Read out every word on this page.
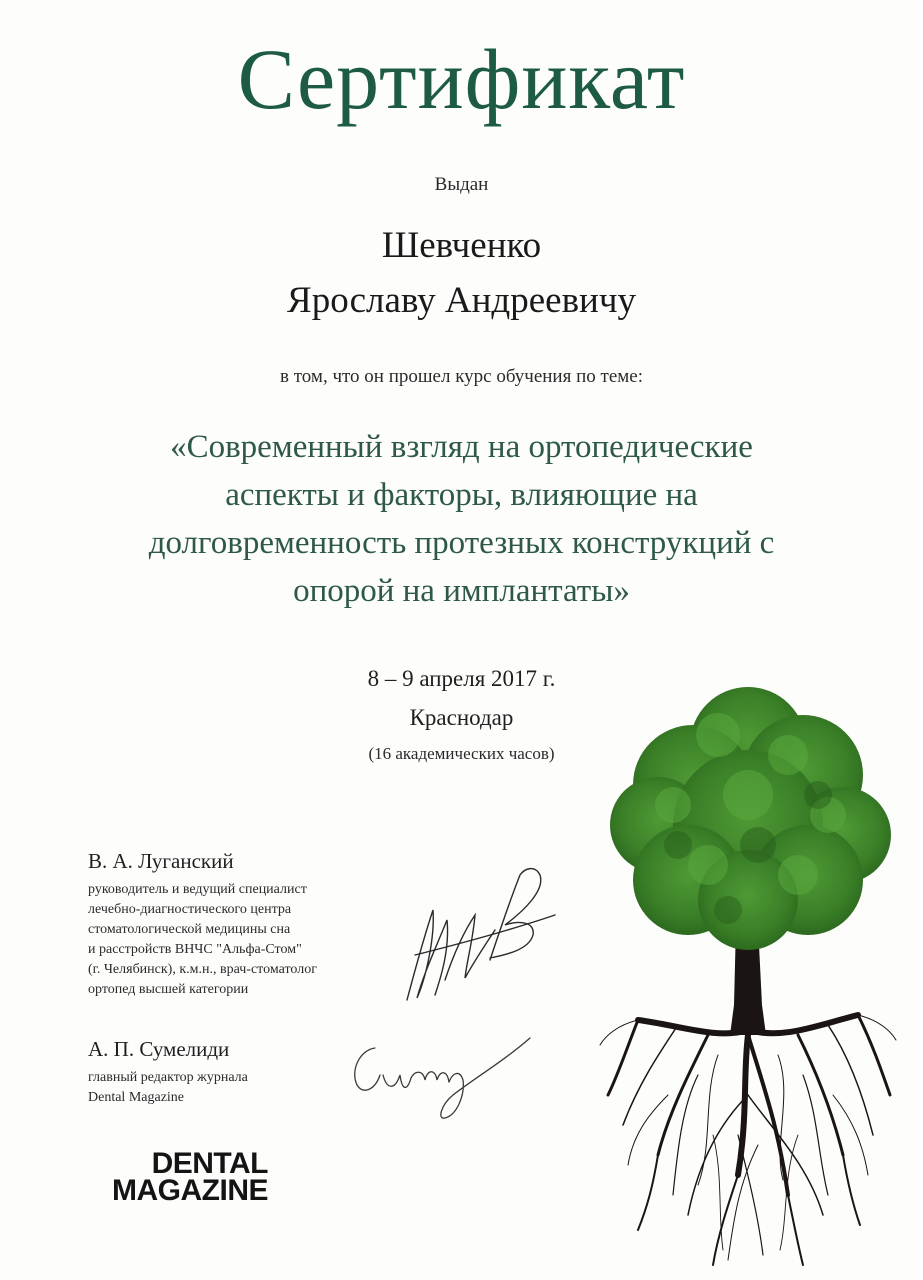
Сертификат
Выдан
Шевченко
Ярославу Андреевичу
в том, что он прошел курс обучения по теме:
«Современный взгляд на ортопедические
аспекты и факторы, влияющие на
долговременность протезных конструкций с
опорой на имплантаты»
8 – 9 апреля 2017 г.
Краснодар
(16 академических часов)
В. А. Луганский
руководитель и ведущий специалист
лечебно-диагностического центра
стоматологической медицины сна
и расстройств ВНЧС "Альфа-Стом"
(г. Челябинск), к.м.н., врач-стоматолог
ортопед высшей категории
А. П. Сумелиди
главный редактор журнала
Dental Magazine
DENTAL
MAGAZINE
